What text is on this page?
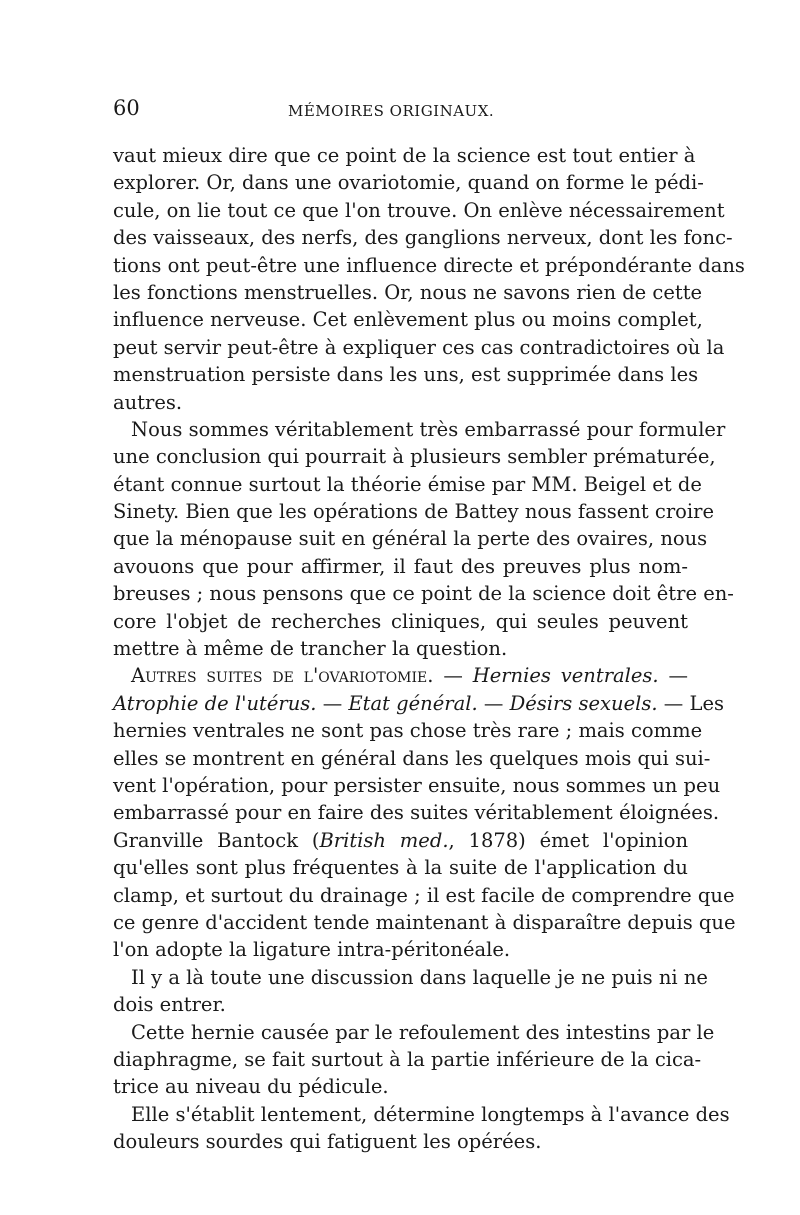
60	MÉMOIRES ORIGINAUX.
vaut mieux dire que ce point de la science est tout entier à
explorer. Or, dans une ovariotomie, quand on forme le pédi-
cule, on lie tout ce que l'on trouve. On enlève nécessairement
des vaisseaux, des nerfs, des ganglions nerveux, dont les fonc-
tions ont peut-être une influence directe et prépondérante dans
les fonctions menstruelles. Or, nous ne savons rien de cette
influence nerveuse. Cet enlèvement plus ou moins complet,
peut servir peut-être à expliquer ces cas contradictoires où la
menstruation persiste dans les uns, est supprimée dans les
autres.
Nous sommes véritablement très embarrassé pour formuler
une conclusion qui pourrait à plusieurs sembler prématurée,
étant connue surtout la théorie émise par MM. Beigel et de
Sinety. Bien que les opérations de Battey nous fassent croire
que la ménopause suit en général la perte des ovaires, nous
avouons que pour affirmer, il faut des preuves plus nom-
breuses ; nous pensons que ce point de la science doit être en-
core l'objet de recherches cliniques, qui seules peuvent
mettre à même de trancher la question.
Autres suites de l'ovariotomie. — Hernies ventrales. —
Atrophie de l'utérus. — Etat général. — Désirs sexuels. — Les
hernies ventrales ne sont pas chose très rare ; mais comme
elles se montrent en général dans les quelques mois qui sui-
vent l'opération, pour persister ensuite, nous sommes un peu
embarrassé pour en faire des suites véritablement éloignées.
Granville Bantock (British med., 1878) émet l'opinion
qu'elles sont plus fréquentes à la suite de l'application du
clamp, et surtout du drainage ; il est facile de comprendre que
ce genre d'accident tende maintenant à disparaître depuis que
l'on adopte la ligature intra-péritonéale.
Il y a là toute une discussion dans laquelle je ne puis ni ne
dois entrer.
Cette hernie causée par le refoulement des intestins par le
diaphragme, se fait surtout à la partie inférieure de la cica-
trice au niveau du pédicule.
Elle s'établit lentement, détermine longtemps à l'avance des
douleurs sourdes qui fatiguent les opérées.
